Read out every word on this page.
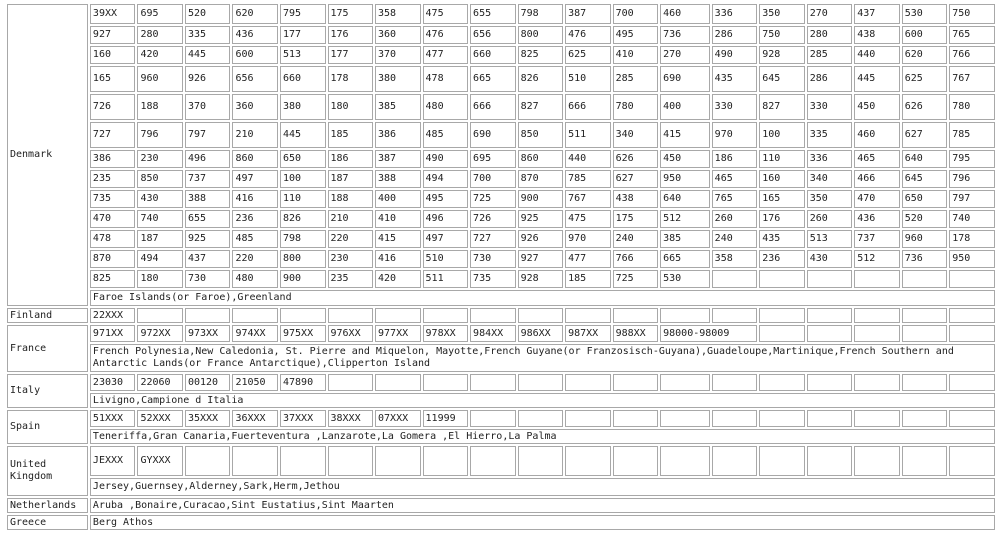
Denmark	39XX	695	520	620	795	175	358	475	655	798	387	700	460	336	350	270	437	530	750
	927	280	335	436	177	176	360	476	656	800	476	495	736	286	750	280	438	600	765
	160	420	445	600	513	177	370	477	660	825	625	410	270	490	928	285	440	620	766
	165	960	926	656	660	178	380	478	665	826	510	285	690	435	645	286	445	625	767
	726	188	370	360	380	180	385	480	666	827	666	780	400	330	827	330	450	626	780
	727	796	797	210	445	185	386	485	690	850	511	340	415	970	100	335	460	627	785
	386	230	496	860	650	186	387	490	695	860	440	626	450	186	110	336	465	640	795
	235	850	737	497	100	187	388	494	700	870	785	627	950	465	160	340	466	645	796
	735	430	388	416	110	188	400	495	725	900	767	438	640	765	165	350	470	650	797
	470	740	655	236	826	210	410	496	726	925	475	175	512	260	176	260	436	520	740
	478	187	925	485	798	220	415	497	727	926	970	240	385	240	435	513	737	960	178
	870	494	437	220	800	230	416	510	730	927	477	766	665	358	236	430	512	736	950
	825	180	730	480	900	235	420	511	735	928	185	725	530						
	Faroe Islands(or Faroe),Greenland																		
Finland	22XXX																		
France	971XX	972XX	973XX	974XX	975XX	976XX	977XX	978XX	984XX	986XX	987XX	988XX	98000-98009						
	French Polynesia,New Caledonia, St. Pierre and Miquelon, Mayotte,French Guyane(or Franzosisch-Guyana),Guadeloupe,Martinique,French Southern and Antarctic Lands(or France Antarctique),Clipperton Island																		
Italy	23030	22060	00120	21050	47890														
	Livigno,Campione d Italia																		
Spain	51XXX	52XXX	35XXX	36XXX	37XXX	38XXX	07XXX	11999											
	Teneriffa,Gran Canaria,Fuerteventura ,Lanzarote,La Gomera ,El Hierro,La Palma																		
United Kingdom	JEXXX	GYXXX																	
	Jersey,Guernsey,Alderney,Sark,Herm,Jethou																		
Netherlands	Aruba ,Bonaire,Curacao,Sint Eustatius,Sint Maarten																		
Greece	Berg Athos																		
